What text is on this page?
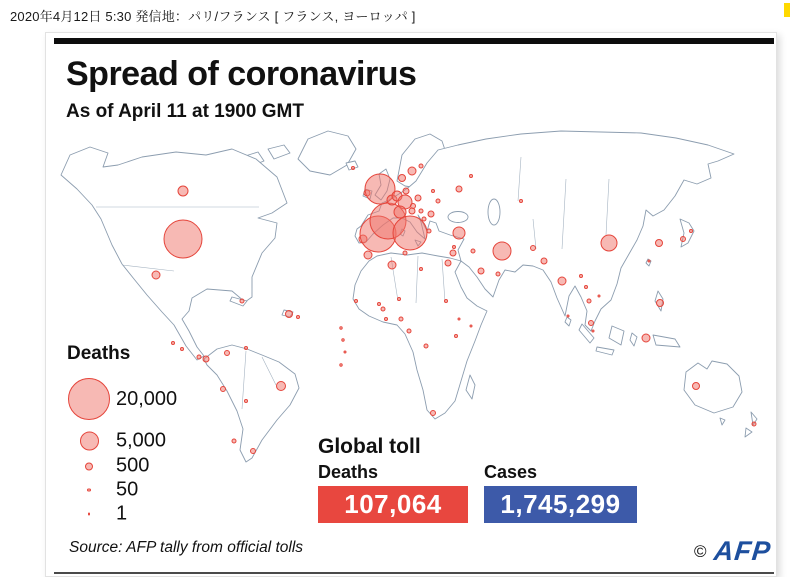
2020年4月12日 5:30 発信地：パリ/フランス [ フランス, ヨーロッパ ]
Spread of coronavirus
As of April 11 at 1900 GMT
Deaths
20,000
5,000
500
50
1
Global toll
Deaths	Cases
107,064	1,745,299
Source: AFP tally from official tolls	© AFP
